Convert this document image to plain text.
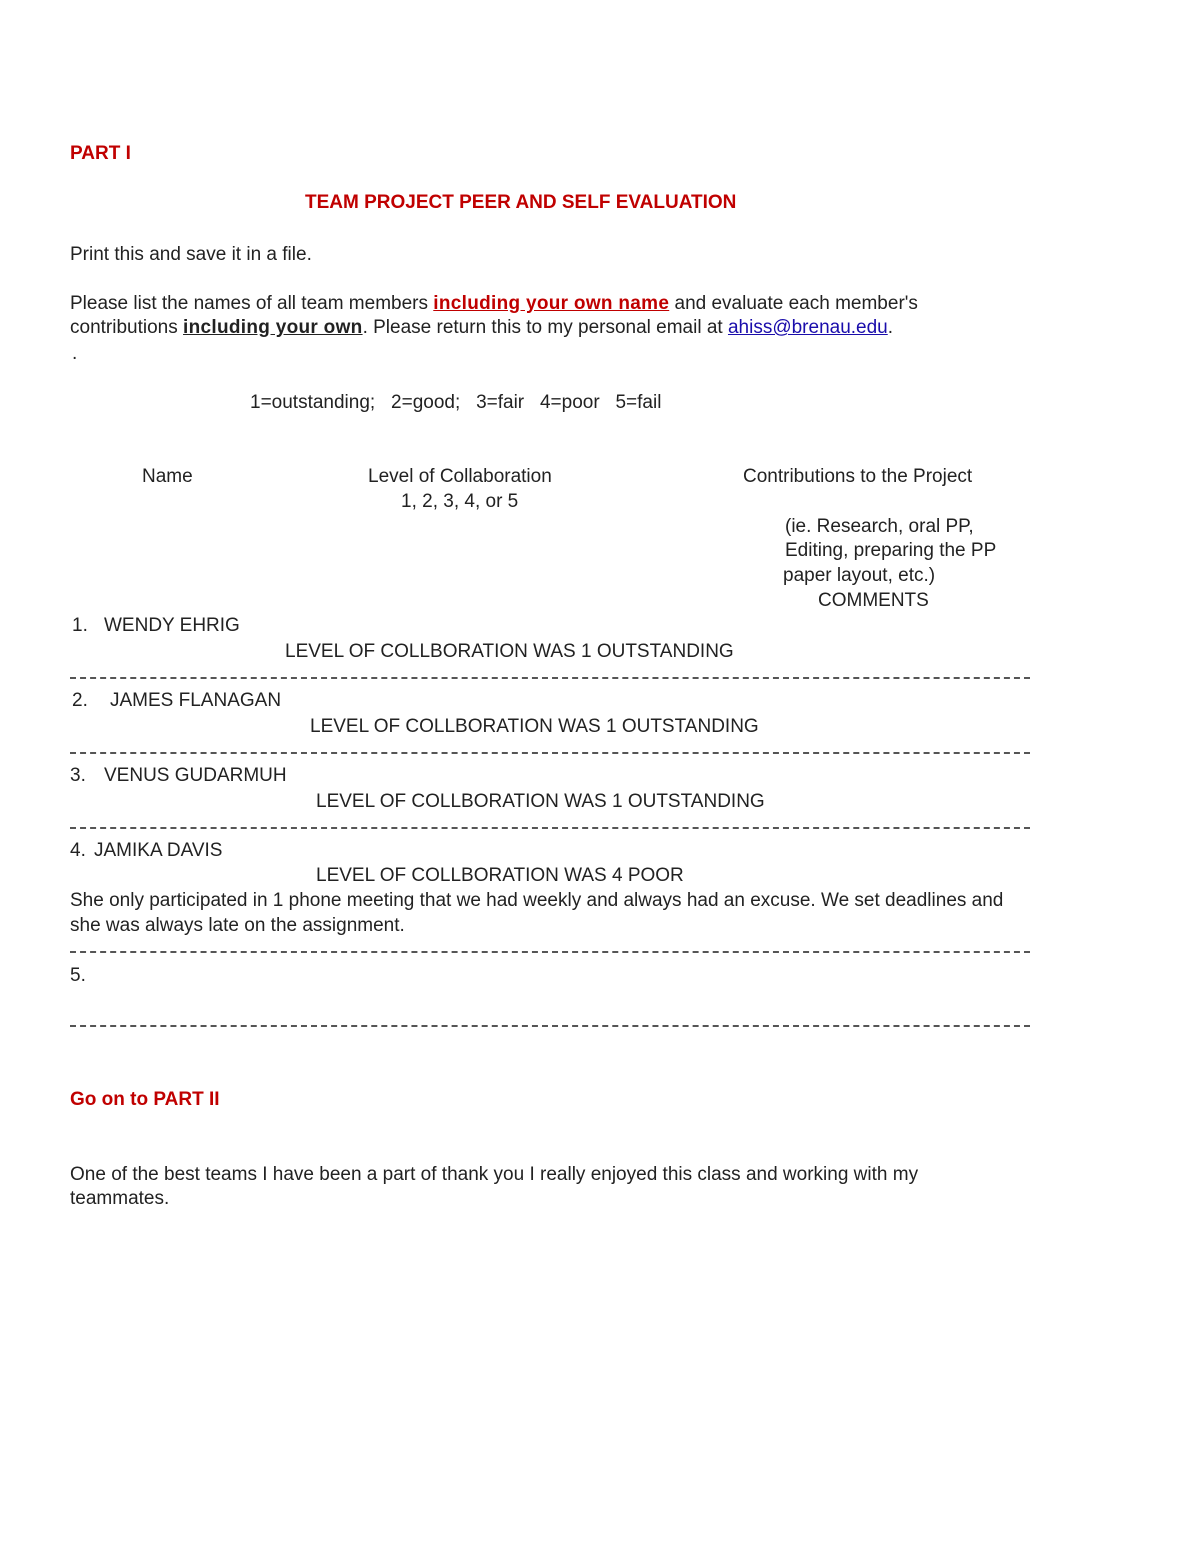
PART I
TEAM PROJECT PEER AND SELF EVALUATION
Print this and save it in a file.
Please list the names of all team members including your own name and evaluate each member's
contributions including your own. Please return this to my personal email at ahiss@brenau.edu.
.
1=outstanding;   2=good;   3=fair   4=poor   5=fail
Name	Level of Collaboration
1, 2, 3, 4, or 5
Contributions to the Project
(ie. Research, oral PP,
Editing, preparing the PP
paper layout, etc.)
COMMENTS
1. WENDY EHRIG
LEVEL OF COLLBORATION WAS 1 OUTSTANDING
2. JAMES FLANAGAN
LEVEL OF COLLBORATION WAS 1 OUTSTANDING
3. VENUS GUDARMUH
LEVEL OF COLLBORATION WAS 1 OUTSTANDING
4. JAMIKA DAVIS
LEVEL OF COLLBORATION WAS 4 POOR
She only participated in 1 phone meeting that we had weekly and always had an excuse. We set deadlines and
she was always late on the assignment.
5.
Go on to PART II
One of the best teams I have been a part of thank you I really enjoyed this class and working with my
teammates.
